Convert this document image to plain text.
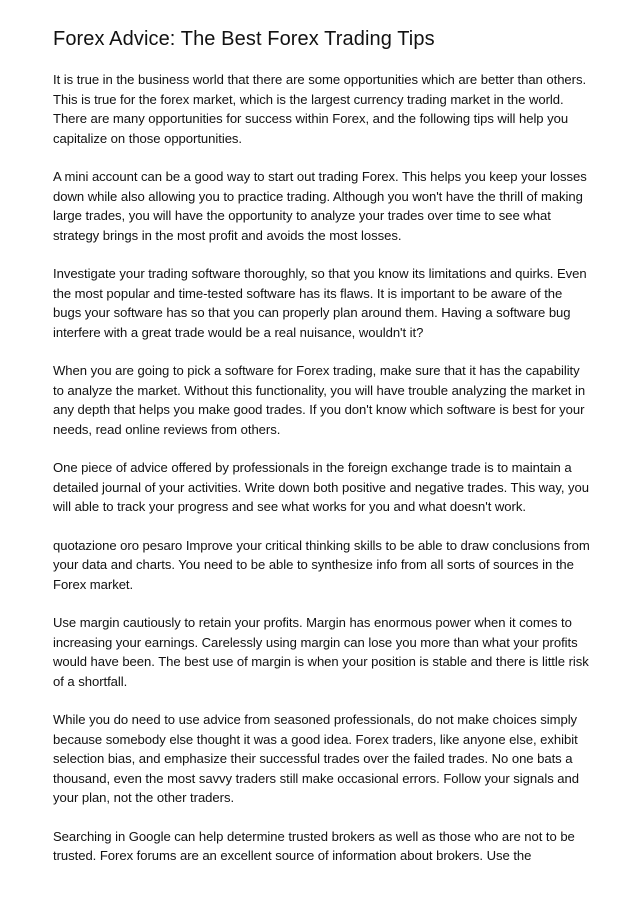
Forex Advice: The Best Forex Trading Tips

It is true in the business world that there are some opportunities which are better than others. This is true for the forex market, which is the largest currency trading market in the world. There are many opportunities for success within Forex, and the following tips will help you capitalize on those opportunities.

A mini account can be a good way to start out trading Forex. This helps you keep your losses down while also allowing you to practice trading. Although you won't have the thrill of making large trades, you will have the opportunity to analyze your trades over time to see what strategy brings in the most profit and avoids the most losses.

Investigate your trading software thoroughly, so that you know its limitations and quirks. Even the most popular and time-tested software has its flaws. It is important to be aware of the bugs your software has so that you can properly plan around them. Having a software bug interfere with a great trade would be a real nuisance, wouldn't it?

When you are going to pick a software for Forex trading, make sure that it has the capability to analyze the market. Without this functionality, you will have trouble analyzing the market in any depth that helps you make good trades. If you don't know which software is best for your needs, read online reviews from others.

One piece of advice offered by professionals in the foreign exchange trade is to maintain a detailed journal of your activities. Write down both positive and negative trades. This way, you will able to track your progress and see what works for you and what doesn't work.

quotazione oro pesaro Improve your critical thinking skills to be able to draw conclusions from your data and charts. You need to be able to synthesize info from all sorts of sources in the Forex market.

Use margin cautiously to retain your profits. Margin has enormous power when it comes to increasing your earnings. Carelessly using margin can lose you more than what your profits would have been. The best use of margin is when your position is stable and there is little risk of a shortfall.

While you do need to use advice from seasoned professionals, do not make choices simply because somebody else thought it was a good idea. Forex traders, like anyone else, exhibit selection bias, and emphasize their successful trades over the failed trades. No one bats a thousand, even the most savvy traders still make occasional errors. Follow your signals and your plan, not the other traders.

Searching in Google can help determine trusted brokers as well as those who are not to be trusted. Forex forums are an excellent source of information about brokers. Use the
